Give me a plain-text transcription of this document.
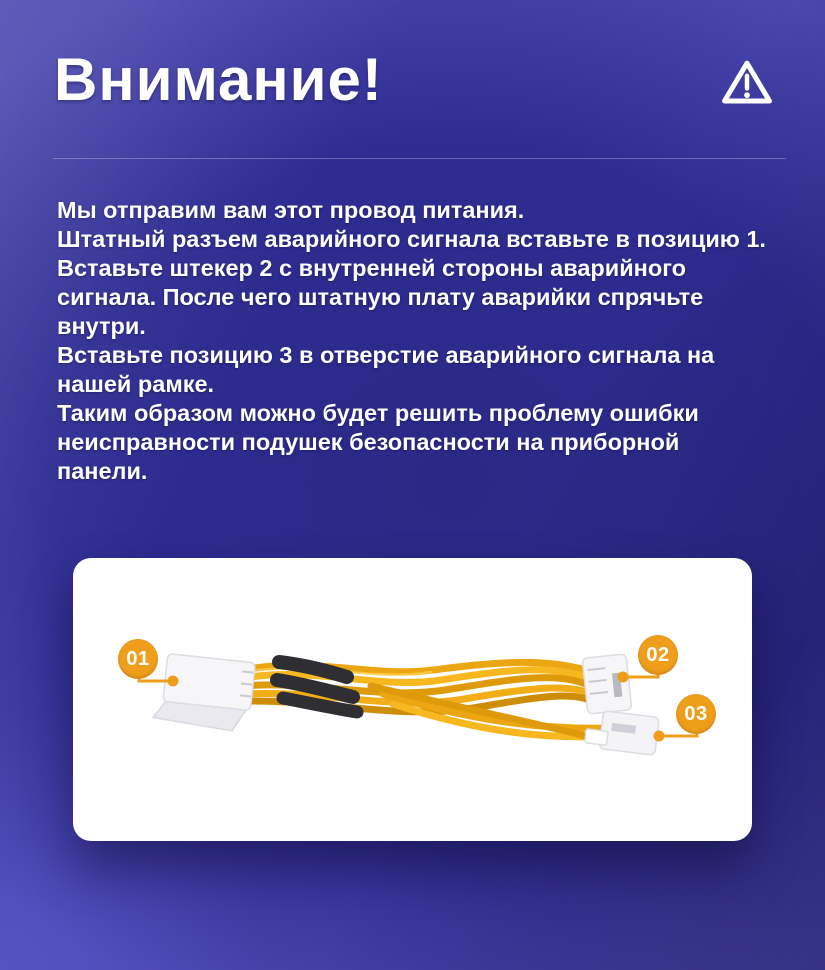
Внимание!
Мы отправим вам этот провод питания.
Штатный разъем аварийного сигнала вставьте в позицию 1.
Вставьте штекер 2 с внутренней стороны аварийного
сигнала. После чего штатную плату аварийки спрячьте
внутри.
Вставьте позицию 3 в отверстие аварийного сигнала на
нашей рамке.
Таким образом можно будет решить проблему ошибки
неисправности подушек безопасности на приборной
панели.
01	02
03
